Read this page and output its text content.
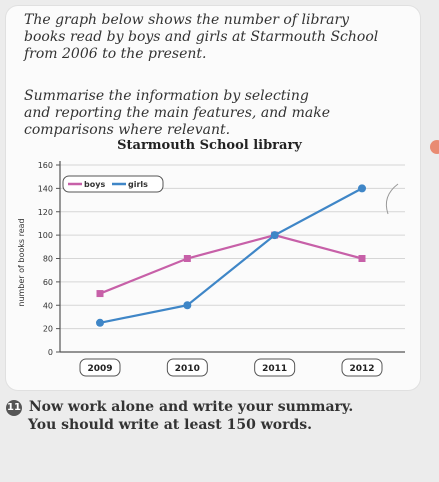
The graph below shows the number of library
books read by boys and girls at Starmouth School
from 2006 to the present.

Summarise the information by selecting
and reporting the main features, and make
comparisons where relevant.

Starmouth School library
0
20
40
60
80
100
120
140
160
number of books read
2009	2010	2011	2012
boys	girls
11 Now work alone and write your summary.
You should write at least 150 words.
